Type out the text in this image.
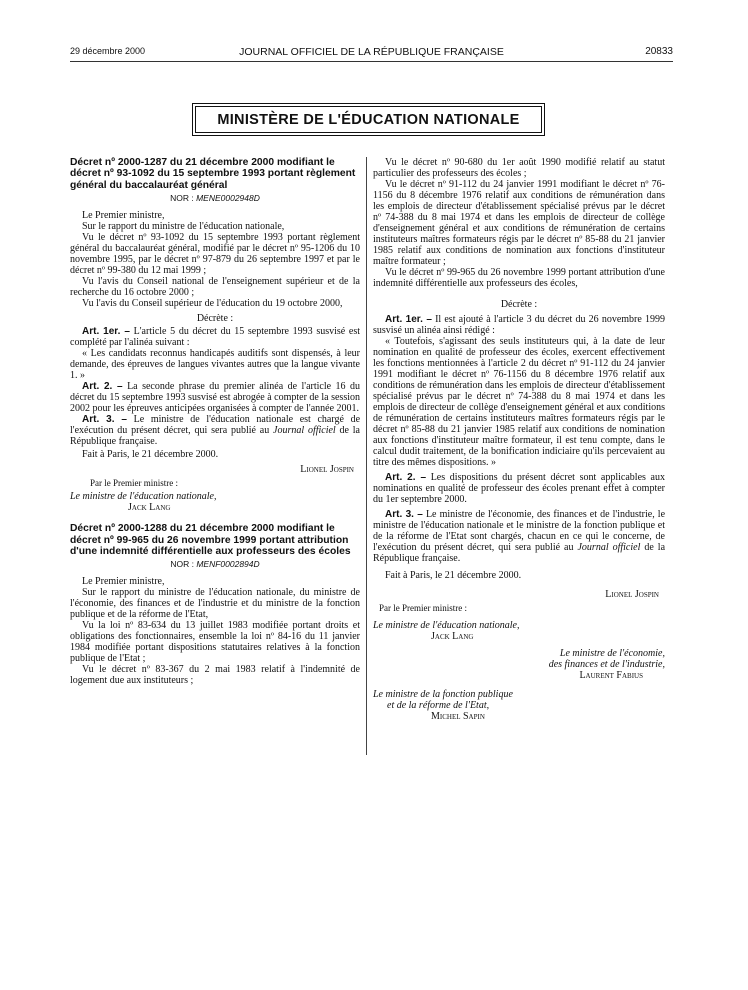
29 décembre 2000	JOURNAL OFFICIEL DE LA RÉPUBLIQUE FRANÇAISE	20833
MINISTÈRE DE L'ÉDUCATION NATIONALE

Décret nº 2000-1287 du 21 décembre 2000 modifiant le décret nº 93-1092 du 15 septembre 1993 portant règlement général du baccalauréat général

NOR : MENE0002948D

Le Premier ministre,

Sur le rapport du ministre de l'éducation nationale,

Vu le décret nº 93-1092 du 15 septembre 1993 portant règlement général du baccalauréat général, modifié par le décret nº 95-1206 du 10 novembre 1995, par le décret nº 97-879 du 26 septembre 1997 et par le décret nº 99-380 du 12 mai 1999 ;

Vu l'avis du Conseil national de l'enseignement supérieur et de la recherche du 16 octobre 2000 ;

Vu l'avis du Conseil supérieur de l'éducation du 19 octobre 2000,

Décrète :

Art. 1er. – L'article 5 du décret du 15 septembre 1993 susvisé est complété par l'alinéa suivant :

« Les candidats reconnus handicapés auditifs sont dispensés, à leur demande, des épreuves de langues vivantes autres que la langue vivante 1. »

Art. 2. – La seconde phrase du premier alinéa de l'article 16 du décret du 15 septembre 1993 susvisé est abrogée à compter de la session 2002 pour les épreuves anticipées organisées à compter de l'année 2001.

Art. 3. – Le ministre de l'éducation nationale est chargé de l'exécution du présent décret, qui sera publié au Journal officiel de la République française.

Fait à Paris, le 21 décembre 2000.

Lionel Jospin
Par le Premier ministre :
Le ministre de l'éducation nationale,
Jack Lang

Décret nº 2000-1288 du 21 décembre 2000 modifiant le décret nº 99-965 du 26 novembre 1999 portant attribution d'une indemnité différentielle aux professeurs des écoles

NOR : MENF0002894D

Le Premier ministre,

Sur le rapport du ministre de l'éducation nationale, du ministre de l'économie, des finances et de l'industrie et du ministre de la fonction publique et de la réforme de l'Etat,

Vu la loi nº 83-634 du 13 juillet 1983 modifiée portant droits et obligations des fonctionnaires, ensemble la loi nº 84-16 du 11 janvier 1984 modifiée portant dispositions statutaires relatives à la fonction publique de l'Etat ;

Vu le décret nº 83-367 du 2 mai 1983 relatif à l'indemnité de logement due aux instituteurs ;

Vu le décret nº 90-680 du 1er août 1990 modifié relatif au statut particulier des professeurs des écoles ;

Vu le décret nº 91-112 du 24 janvier 1991 modifiant le décret nº 76-1156 du 8 décembre 1976 relatif aux conditions de rémunération dans les emplois de directeur d'établissement spécialisé prévus par le décret nº 74-388 du 8 mai 1974 et dans les emplois de directeur de collège d'enseignement général et aux conditions de rémunération de certains instituteurs maîtres formateurs régis par le décret nº 85-88 du 21 janvier 1985 relatif aux conditions de nomination aux fonctions d'instituteur maître formateur ;

Vu le décret nº 99-965 du 26 novembre 1999 portant attribution d'une indemnité différentielle aux professeurs des écoles,

Décrète :

Art. 1er. – Il est ajouté à l'article 3 du décret du 26 novembre 1999 susvisé un alinéa ainsi rédigé :

« Toutefois, s'agissant des seuls instituteurs qui, à la date de leur nomination en qualité de professeur des écoles, exercent effectivement les fonctions mentionnées à l'article 2 du décret nº 91-112 du 24 janvier 1991 modifiant le décret nº 76-1156 du 8 décembre 1976 relatif aux conditions de rémunération dans les emplois de directeur d'établissement spécialisé prévus par le décret nº 74-388 du 8 mai 1974 et dans les emplois de directeur de collège d'enseignement général et aux conditions de rémunération de certains instituteurs maîtres formateurs régis par le décret nº 85-88 du 21 janvier 1985 relatif aux conditions de nomination aux fonctions d'instituteur maître formateur, il est tenu compte, dans le calcul dudit traitement, de la bonification indiciaire qu'ils percevaient au titre des mêmes dispositions. »

Art. 2. – Les dispositions du présent décret sont applicables aux nominations en qualité de professeur des écoles prenant effet à compter du 1er septembre 2000.

Art. 3. – Le ministre de l'économie, des finances et de l'industrie, le ministre de l'éducation nationale et le ministre de la fonction publique et de la réforme de l'Etat sont chargés, chacun en ce qui le concerne, de l'exécution du présent décret, qui sera publié au Journal officiel de la République française.

Fait à Paris, le 21 décembre 2000.

Lionel Jospin
Par le Premier ministre :
Le ministre de l'éducation nationale,
Jack Lang
Le ministre de l'économie,
des finances et de l'industrie,
Laurent Fabius
Le ministre de la fonction publique
et de la réforme de l'Etat,
Michel Sapin
